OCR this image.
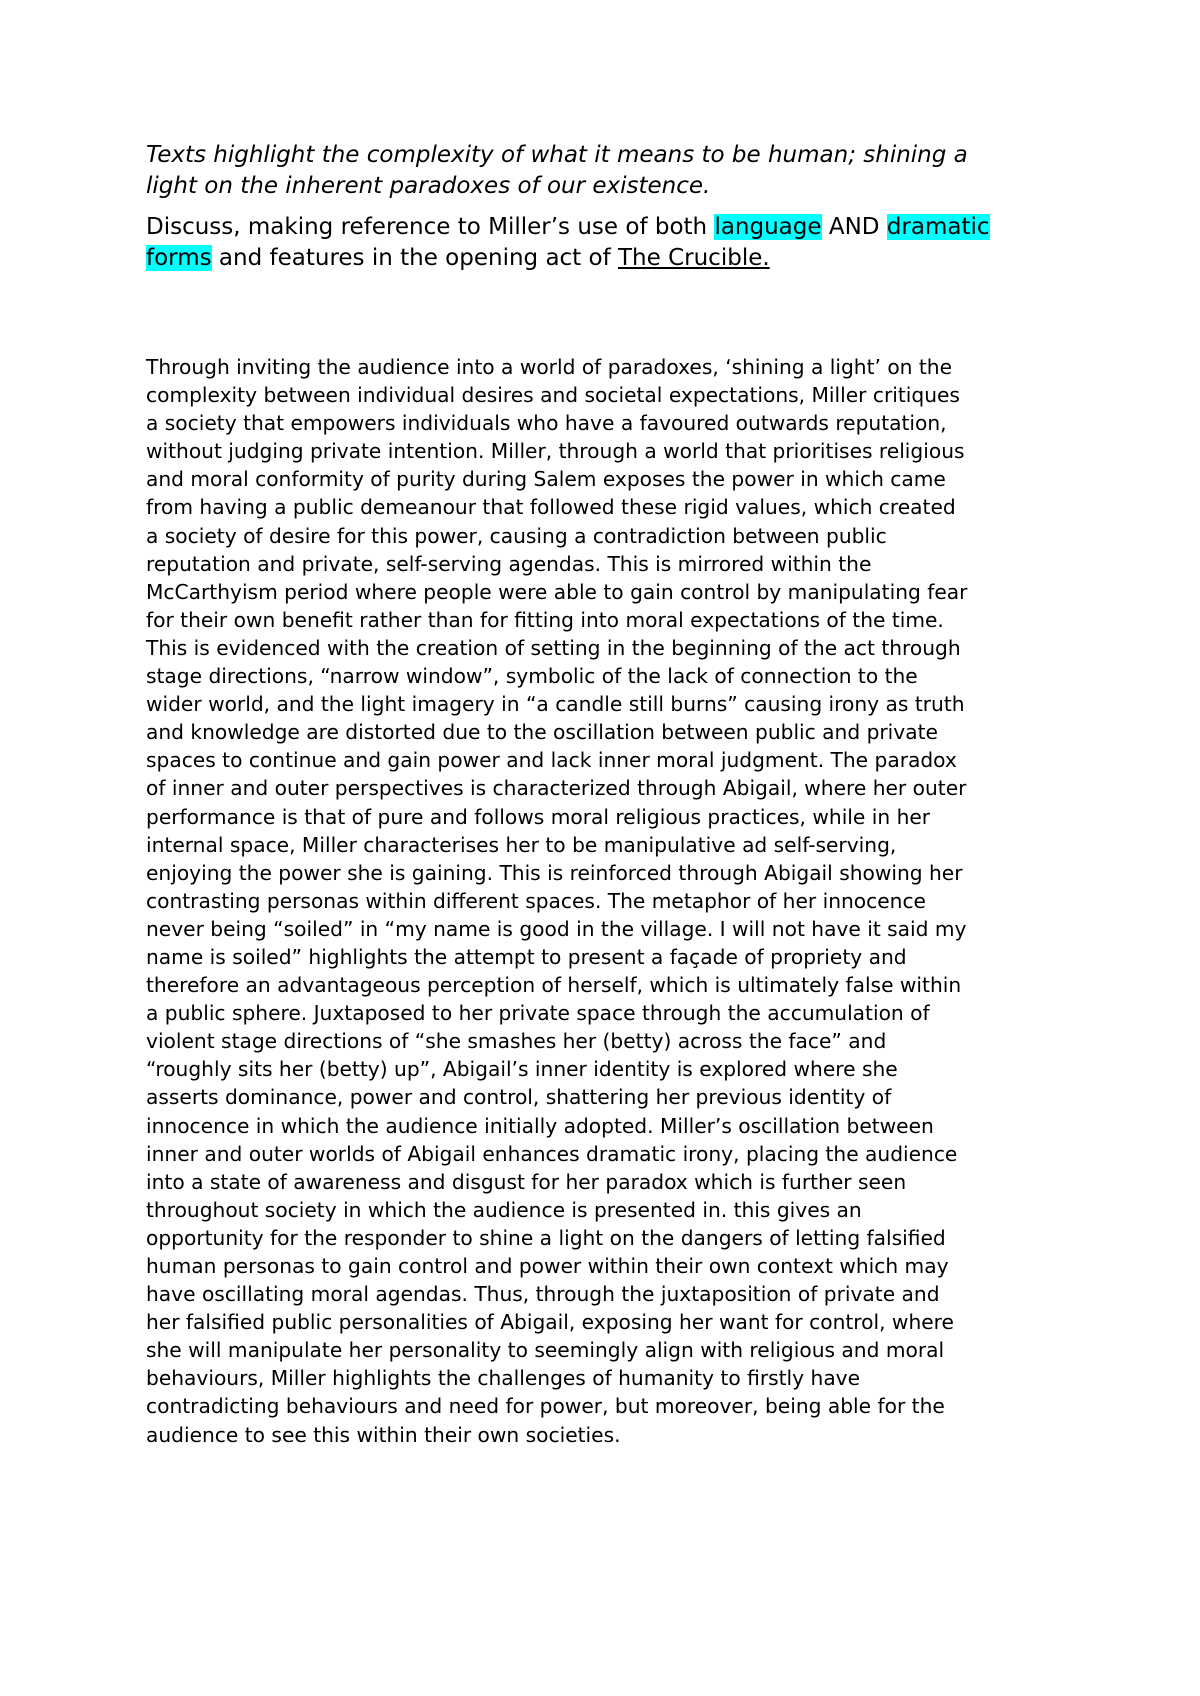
Texts highlight the complexity of what it means to be human; shining a
light on the inherent paradoxes of our existence.

Discuss, making reference to Miller’s use of both language AND dramatic
forms and features in the opening act of The Crucible.

Through inviting the audience into a world of paradoxes, ‘shining a light’ on the
complexity between individual desires and societal expectations, Miller critiques
a society that empowers individuals who have a favoured outwards reputation,
without judging private intention. Miller, through a world that prioritises religious
and moral conformity of purity during Salem exposes the power in which came
from having a public demeanour that followed these rigid values, which created
a society of desire for this power, causing a contradiction between public
reputation and private, self-serving agendas. This is mirrored within the
McCarthyism period where people were able to gain control by manipulating fear
for their own benefit rather than for fitting into moral expectations of the time.
This is evidenced with the creation of setting in the beginning of the act through
stage directions, “narrow window”, symbolic of the lack of connection to the
wider world, and the light imagery in “a candle still burns” causing irony as truth
and knowledge are distorted due to the oscillation between public and private
spaces to continue and gain power and lack inner moral judgment. The paradox
of inner and outer perspectives is characterized through Abigail, where her outer
performance is that of pure and follows moral religious practices, while in her
internal space, Miller characterises her to be manipulative ad self-serving,
enjoying the power she is gaining. This is reinforced through Abigail showing her
contrasting personas within different spaces. The metaphor of her innocence
never being “soiled” in “my name is good in the village. I will not have it said my
name is soiled” highlights the attempt to present a façade of propriety and
therefore an advantageous perception of herself, which is ultimately false within
a public sphere. Juxtaposed to her private space through the accumulation of
violent stage directions of “she smashes her (betty) across the face” and
“roughly sits her (betty) up”, Abigail’s inner identity is explored where she
asserts dominance, power and control, shattering her previous identity of
innocence in which the audience initially adopted. Miller’s oscillation between
inner and outer worlds of Abigail enhances dramatic irony, placing the audience
into a state of awareness and disgust for her paradox which is further seen
throughout society in which the audience is presented in. this gives an
opportunity for the responder to shine a light on the dangers of letting falsified
human personas to gain control and power within their own context which may
have oscillating moral agendas. Thus, through the juxtaposition of private and
her falsified public personalities of Abigail, exposing her want for control, where
she will manipulate her personality to seemingly align with religious and moral
behaviours, Miller highlights the challenges of humanity to firstly have
contradicting behaviours and need for power, but moreover, being able for the
audience to see this within their own societies.
